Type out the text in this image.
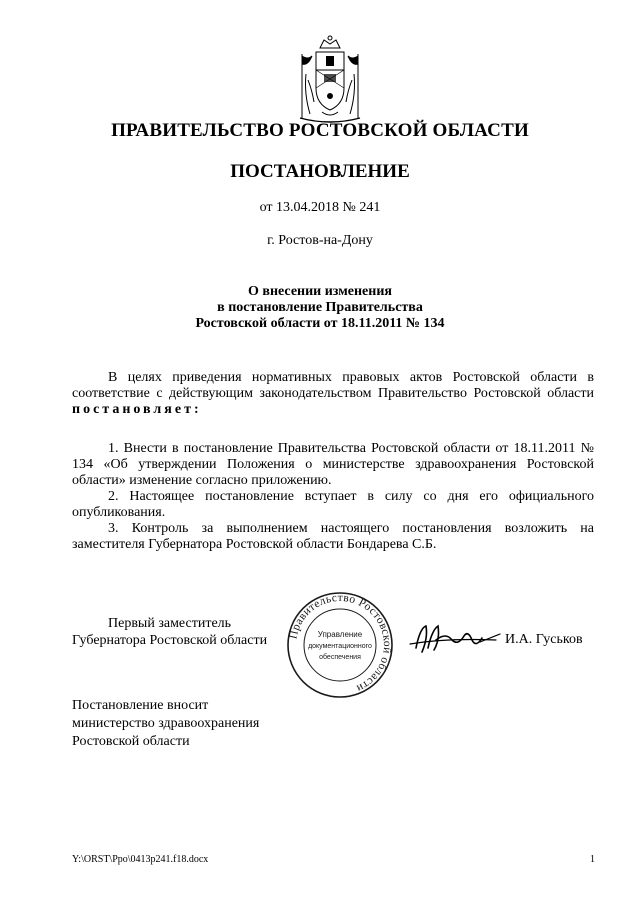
ПРАВИТЕЛЬСТВО РОСТОВСКОЙ ОБЛАСТИ
ПОСТАНОВЛЕНИЕ
от 13.04.2018 № 241
г. Ростов-на-Дону
О внесении изменения
в постановление Правительства
Ростовской области от 18.11.2011 № 134
В целях приведения нормативных правовых актов Ростовской области в соответствие с действующим законодательством Правительство Ростовской области постановляет:
1. Внести в постановление Правительства Ростовской области от 18.11.2011 № 134 «Об утверждении Положения о министерстве здравоохранения Ростовской области» изменение согласно приложению.
2. Настоящее постановление вступает в силу со дня его официального опубликования.
3. Контроль за выполнением настоящего постановления возложить на заместителя Губернатора Ростовской области Бондарева С.Б.
Первый заместитель
Губернатора Ростовской области Правительство Ростовской области
Управление
документационного
обеспечения
И.А. Гуськов
Постановление вносит
министерство здравоохранения
Ростовской области
Y:\ORST\Ppo\0413p241.f18.docx	1
